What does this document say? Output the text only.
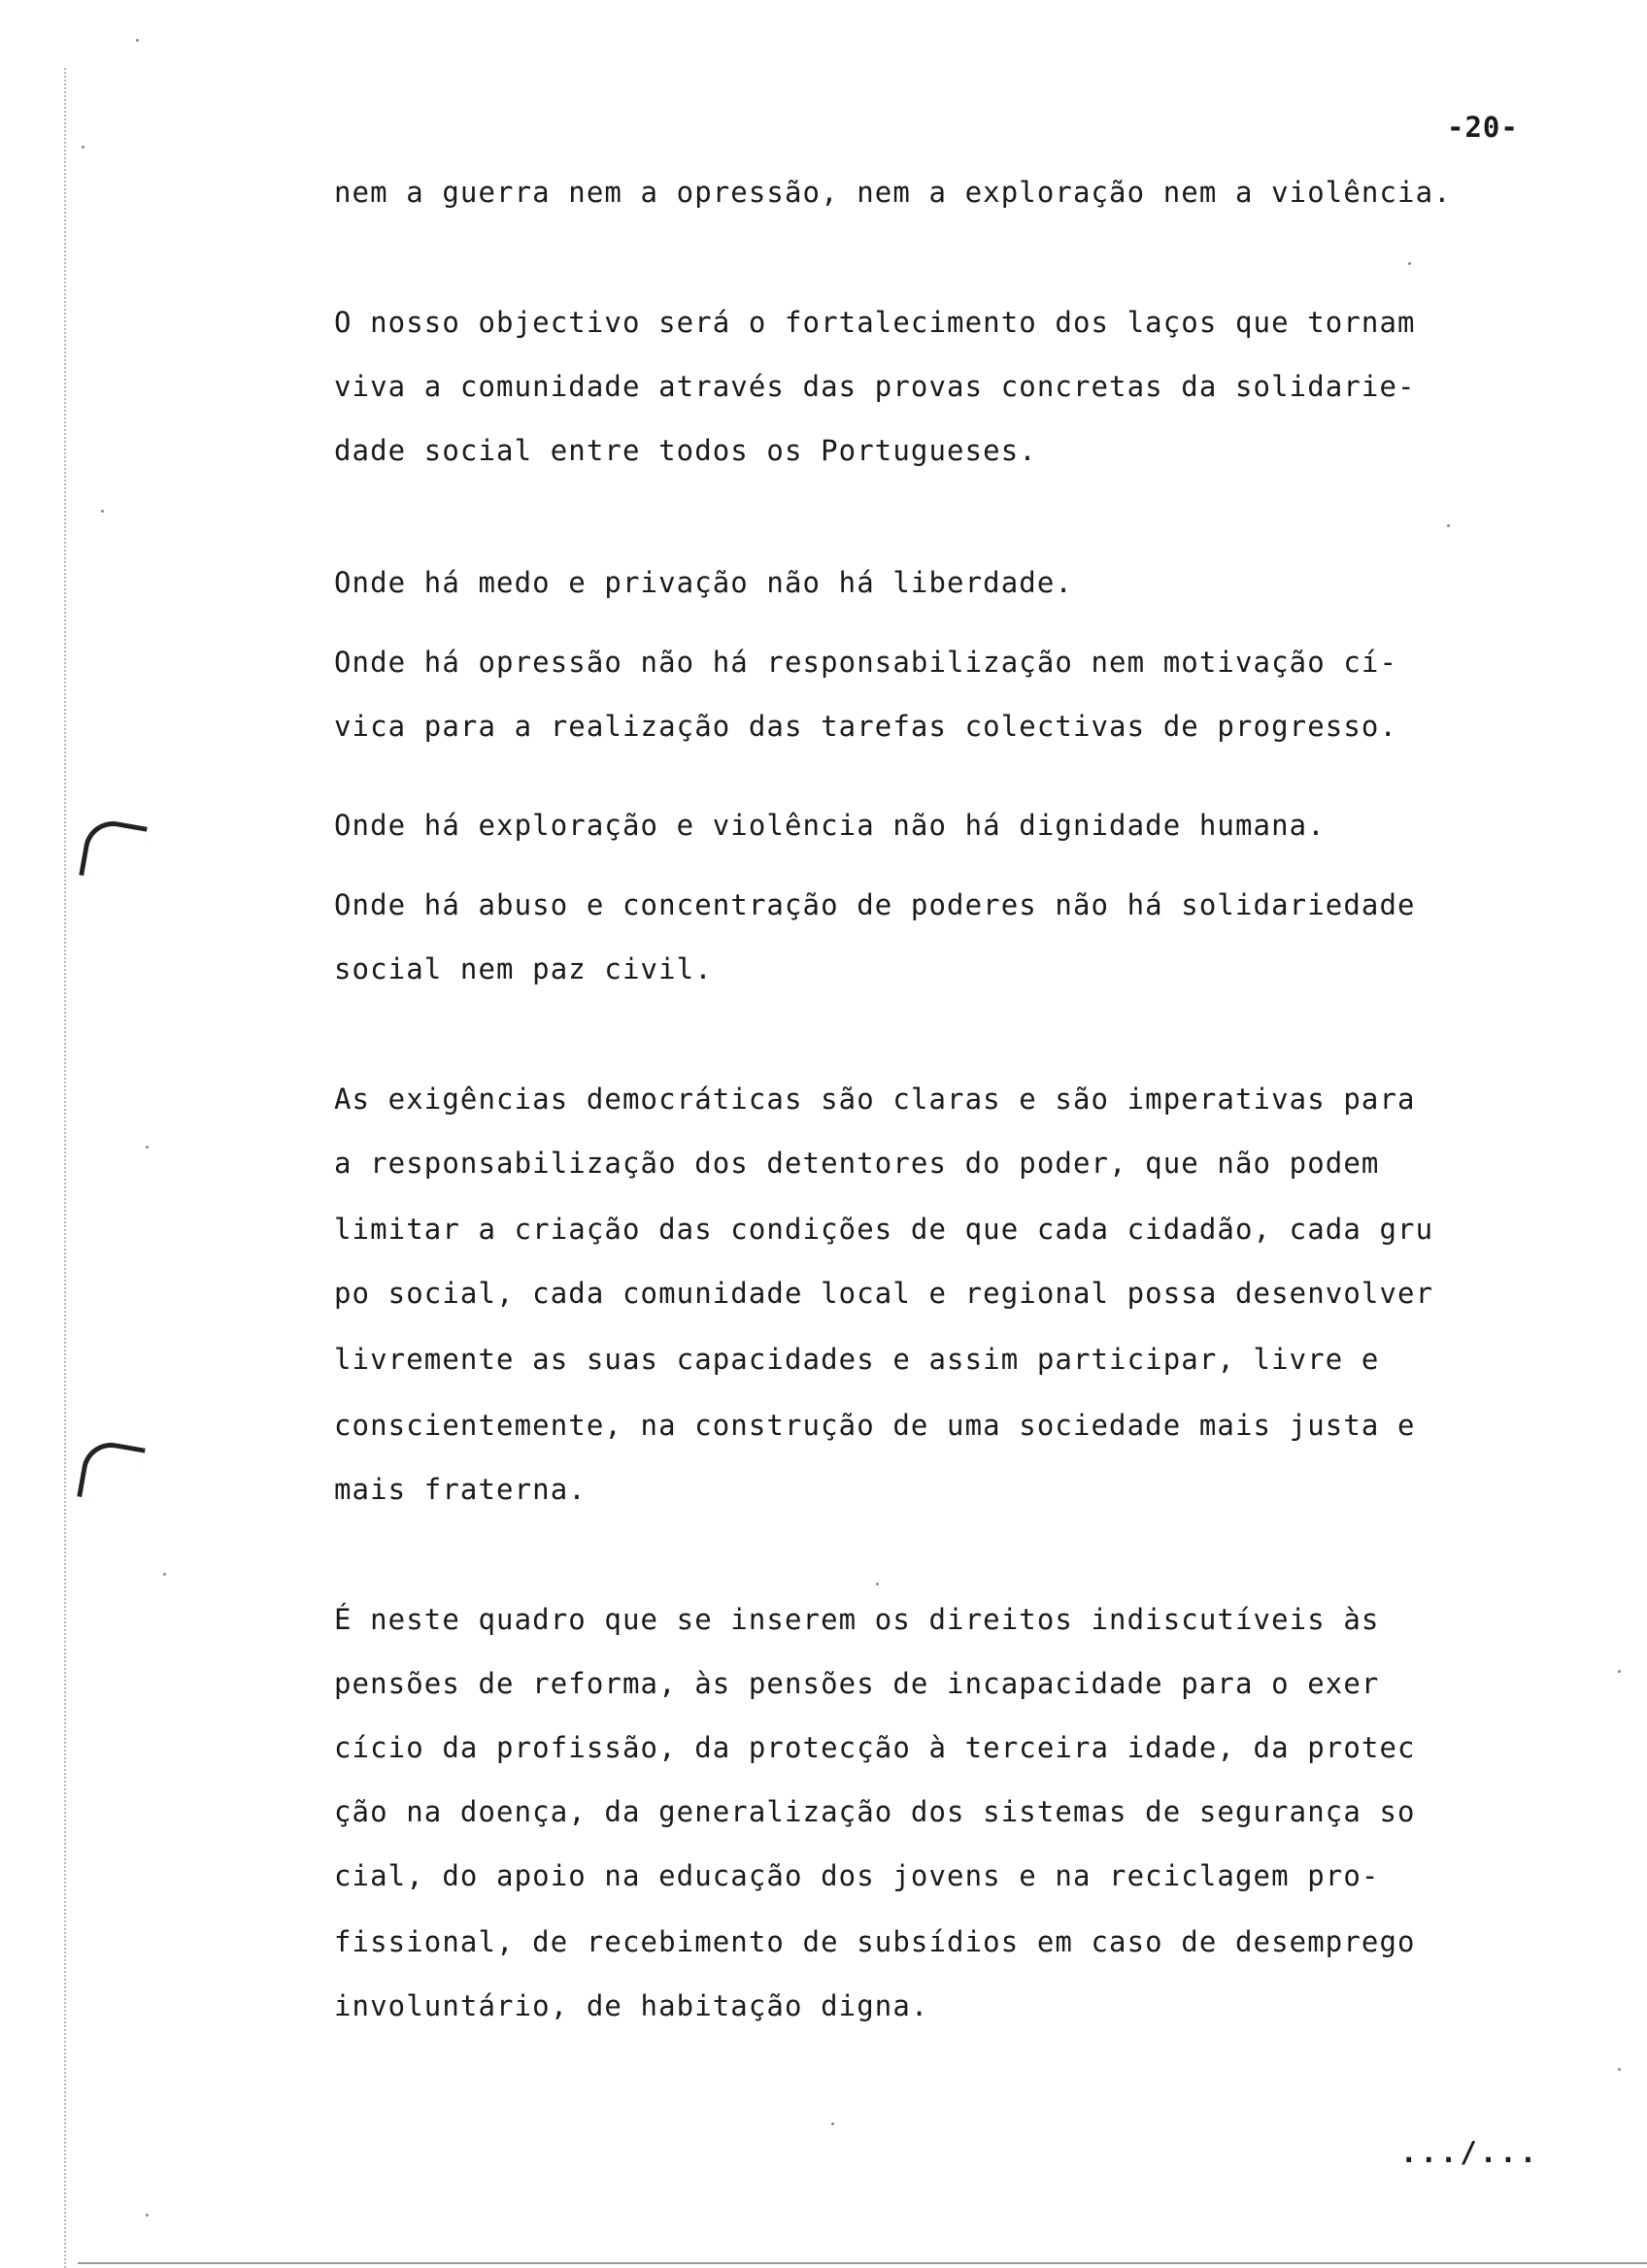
-20-

nem a guerra nem a opressão, nem a exploração nem a violência.

O nosso objectivo será o fortalecimento dos laços que tornam

viva a comunidade através das provas concretas da solidarie-

dade social entre todos os Portugueses.

Onde há medo e privação não há liberdade.

Onde há opressão não há responsabilização nem motivação cí-

vica para a realização das tarefas colectivas de progresso.

Onde há exploração e violência não há dignidade humana.

Onde há abuso e concentração de poderes não há solidariedade

social nem paz civil.

As exigências democráticas são claras e são imperativas para

a responsabilização dos detentores do poder, que não podem

limitar a criação das condições de que cada cidadão, cada gru

po social, cada comunidade local e regional possa desenvolver

livremente as suas capacidades e assim participar, livre e

conscientemente, na construção de uma sociedade mais justa e

mais fraterna.

É neste quadro que se inserem os direitos indiscutíveis às

pensões de reforma, às pensões de incapacidade para o exer

cício da profissão, da protecção à terceira idade, da protec

ção na doença, da generalização dos sistemas de segurança so

cial, do apoio na educação dos jovens e na reciclagem pro-

fissional, de recebimento de subsídios em caso de desemprego

involuntário, de habitação digna.

.../...
